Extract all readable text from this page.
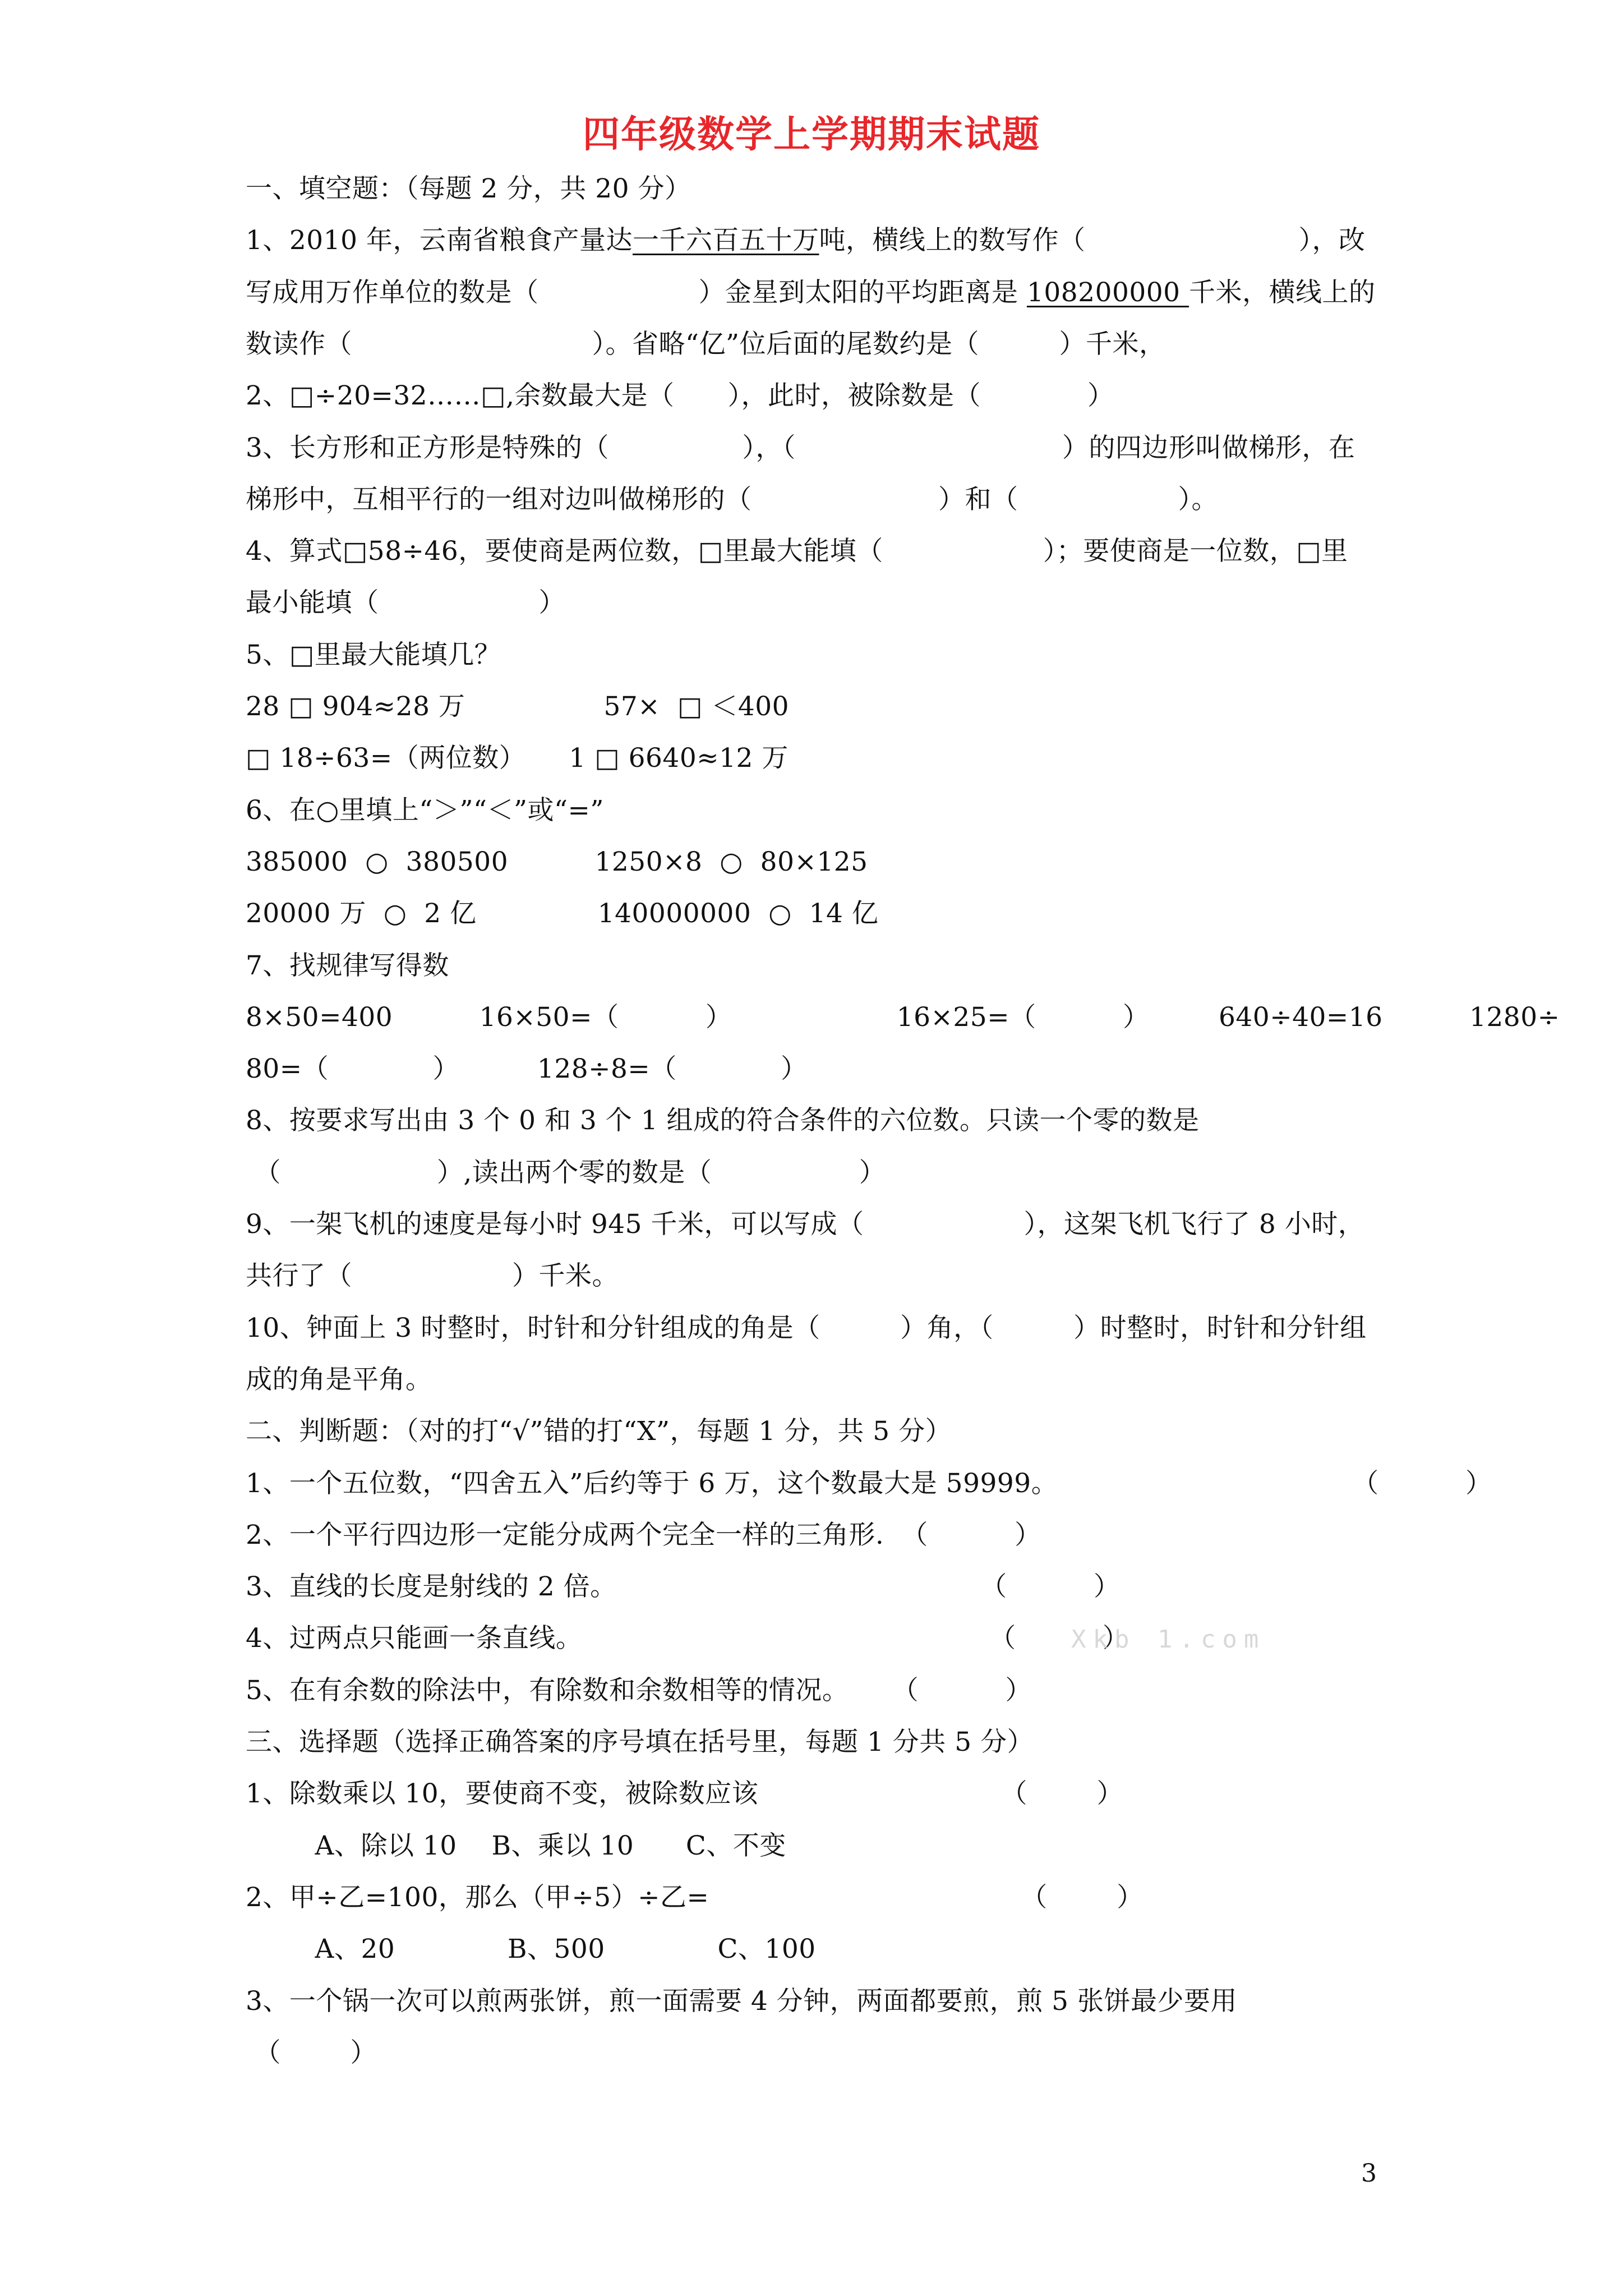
四年级数学上学期期末试题
一、填空题：（每题 2 分，共 20 分）
1、2010 年，云南省粮食产量达一千六百五十万吨，横线上的数写作（　　　　　　　　），改
写成用万作单位的数是（　　　　　　）金星到太阳的平均距离是 108200000 千米，横线上的
数读作（　　　　　　　　　）。省略“亿”位后面的尾数约是（　　　）千米，
2、□÷20=32……□,余数最大是（　　），此时，被除数是（　　　　）
3、长方形和正方形是特殊的（　　　　　），（　　　　　　　　　　）的四边形叫做梯形，在
梯形中，互相平行的一组对边叫做梯形的（　　　　　　　）和（　　　　　　）。
4、算式□58÷46，要使商是两位数，□里最大能填（　　　　　　）；要使商是一位数，□里
最小能填（　　　　　　）
5、□里最大能填几？
28 □ 904≈28 万                57×  □ ＜400
□ 18÷63=（两位数）     1 □ 6640≈12 万
6、在○里填上“＞”“＜”或“=”
385000  ○  380500          1250×8  ○  80×125
20000 万  ○  2 亿              140000000  ○  14 亿
7、找规律写得数
8×50=400          16×50=（          ）                   16×25=（          ）        640÷40=16          1280÷
80=（            ）         128÷8=（            ）
8、按要求写出由 3 个 0 和 3 个 1 组成的符合条件的六位数。只读一个零的数是
（                  ）,读出两个零的数是（                 ）
9、一架飞机的速度是每小时 945 千米，可以写成（　　　　　　），这架飞机飞行了 8 小时，
共行了（　　　　　　）千米。
10、钟面上 3 时整时，时针和分针组成的角是（　　　）角，（　　　）时整时，时针和分针组
成的角是平角。
二、判断题：（对的打“√”错的打“X”，每题 1 分，共 5 分）
1、一个五位数，“四舍五入”后约等于 6 万，这个数最大是 59999。                                  （          ）
2、一个平行四边形一定能分成两个完全一样的三角形.  （          ）
3、直线的长度是射线的 2 倍。                                          （          ）
4、过两点只能画一条直线。                                               （          ）
5、在有余数的除法中，有除数和余数相等的情况。     （          ）
三、选择题（选择正确答案的序号填在括号里，每题 1 分共 5 分）
1、除数乘以 10，要使商不变，被除数应该                            （        ）
A、除以 10    B、乘以 10      C、不变
2、甲÷乙=100，那么（甲÷5）÷乙=                                    （        ）
A、20             B、500             C、100
3、一个锅一次可以煎两张饼，煎一面需要 4 分钟，两面都要煎，煎 5 张饼最少要用
（        ）
Xkb 1.com
3
